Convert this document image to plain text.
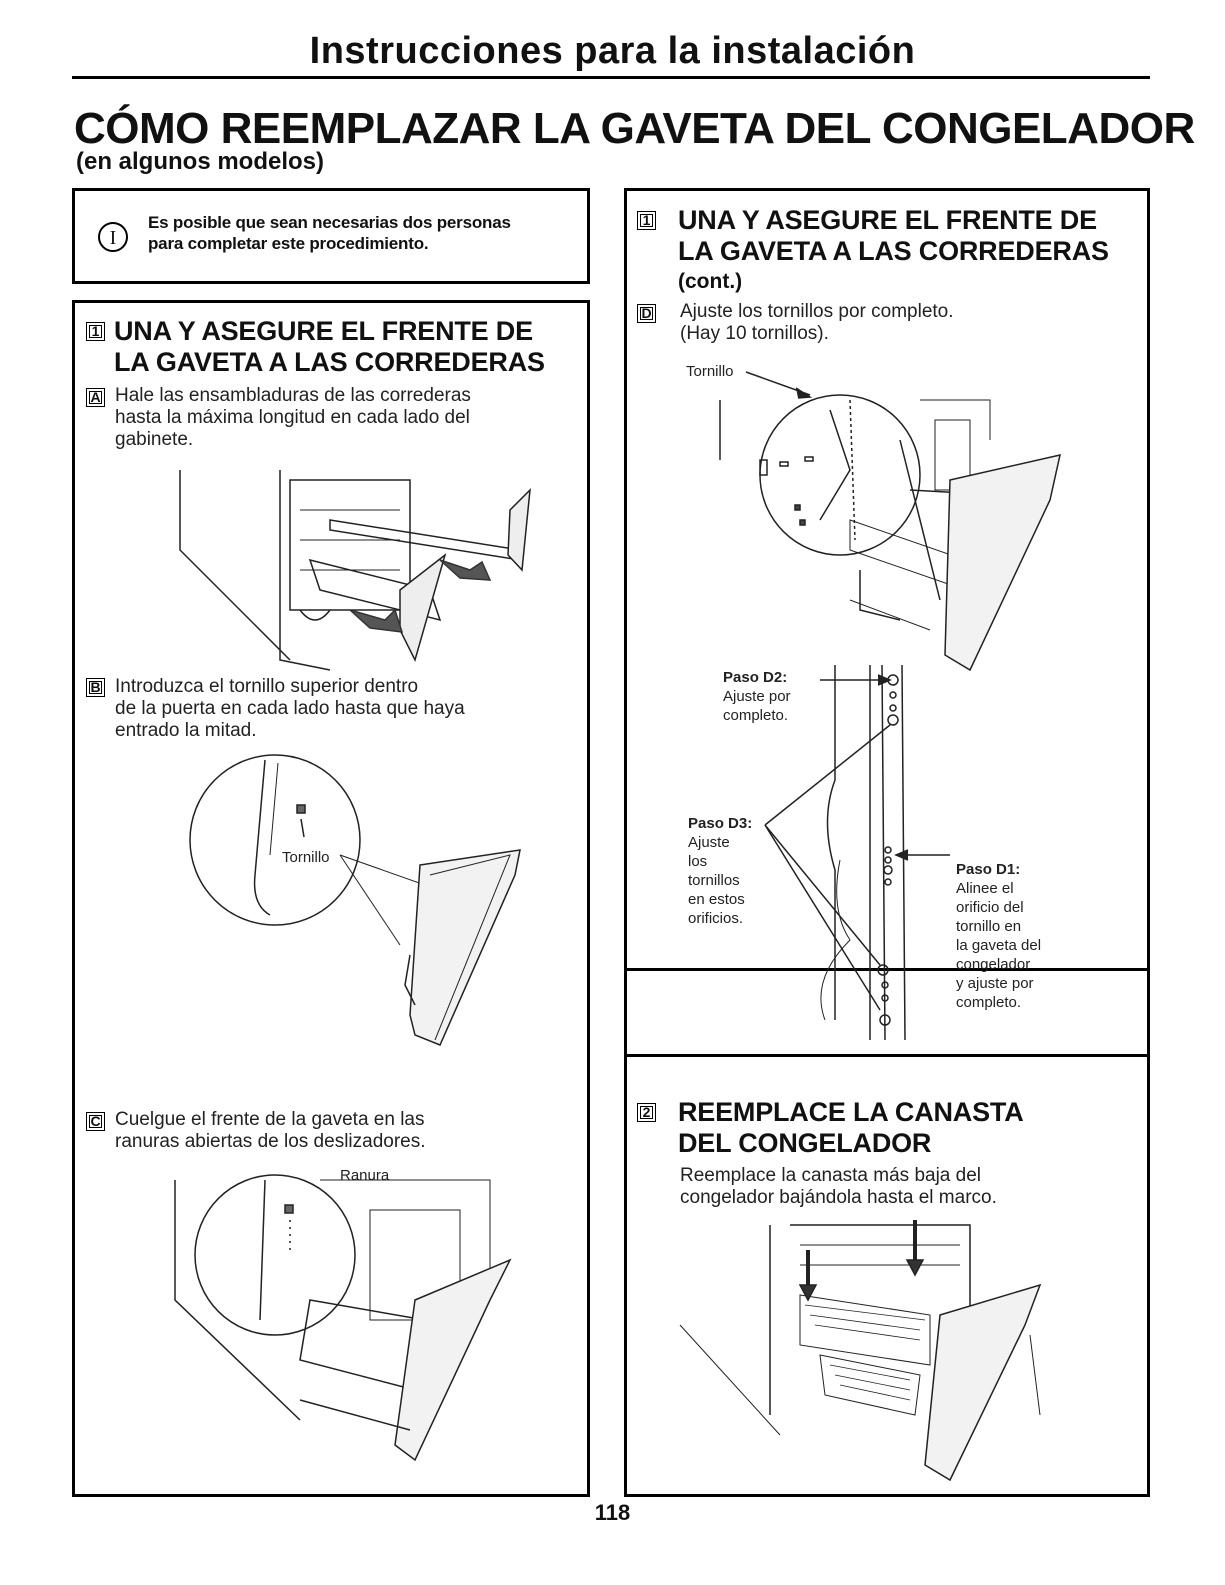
Instrucciones para la instalación
CÓMO REEMPLAZAR LA GAVETA DEL CONGELADOR
(en algunos modelos)
I
Es posible que sean necesarias dos personas
para completar este procedimiento.
1 UNA Y ASEGURE EL FRENTE DE
LA GAVETA A LAS CORREDERAS
A Hale las ensambladuras de las correderas
hasta la máxima longitud en cada lado del
gabinete.
B Introduzca el tornillo superior dentro
de la puerta en cada lado hasta que haya
entrado la mitad.
Tornillo
C Cuelgue el frente de la gaveta en las
ranuras abiertas de los deslizadores.
Ranura
1 UNA Y ASEGURE EL FRENTE DE
LA GAVETA A LAS CORREDERAS
(cont.)
D Ajuste los tornillos por completo.
(Hay 10 tornillos).
Tornillo
Paso D2:
Ajuste por
completo.
Paso D3:
Ajuste
los
tornillos
en estos
orificios.
Paso D1:
Alinee el
orificio del
tornillo en
la gaveta del
congelador
y ajuste por
completo.
2 REEMPLACE LA CANASTA
DEL CONGELADOR
Reemplace la canasta más baja del
congelador bajándola hasta el marco.
118
